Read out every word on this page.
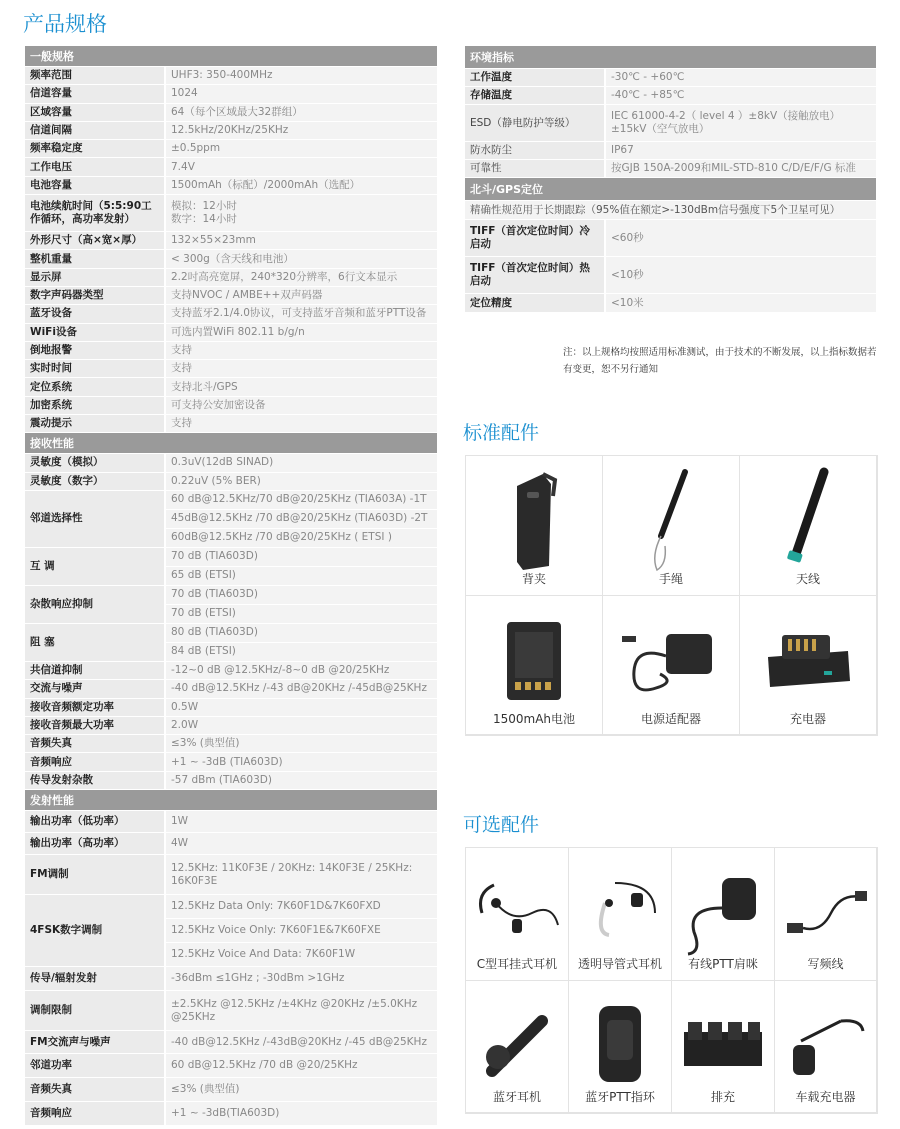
产品规格
一般规格	
频率范围	UHF3: 350-400MHz

信道容量	1024

区域容量	64（每个区域最大32群组）

信道间隔	12.5kHz/20KHz/25KHz

频率稳定度	±0.5ppm

工作电压	7.4V

电池容量	1500mAh（标配）/2000mAh（选配）

电池续航时间（5:5:90工作循环，高功率发射）	模拟：12小时
数字：14小时

外形尺寸（高×宽×厚）	132×55×23mm

整机重量	< 300g（含天线和电池）

显示屏	2.2吋高亮宽屏，240*320分辨率，6行文本显示

数字声码器类型	支持NVOC / AMBE++双声码器

蓝牙设备	支持蓝牙2.1/4.0协议，可支持蓝牙音频和蓝牙PTT设备

WiFi设备	可选内置WiFi 802.11 b/g/n

倒地报警	支持

实时时间	支持

定位系统	支持北斗/GPS

加密系统	可支持公安加密设备

震动提示	支持

接收性能	
灵敏度（模拟）	0.3uV(12dB SINAD)

灵敏度（数字）	0.22uV (5% BER)

邻道选择性	60 dB@12.5KHz/70 dB@20/25KHz (TIA603A) -1T
	45dB@12.5KHz /70 dB@20/25KHz (TIA603D) -2T
	60dB@12.5KHz /70 dB@20/25KHz ( ETSI )
互 调	70 dB (TIA603D)
	65 dB (ETSI)
杂散响应抑制	70 dB (TIA603D)
	70 dB (ETSI)
阻 塞	80 dB (TIA603D)
	84 dB (ETSI)
共信道抑制	-12~0 dB @12.5KHz/-8~0 dB @20/25KHz

交流与噪声	-40 dB@12.5KHz /-43 dB@20KHz /-45dB@25KHz

接收音频额定功率	0.5W

接收音频最大功率	2.0W

音频失真	≤3% (典型值)

音频响应	+1 ~ -3dB (TIA603D)

传导发射杂散	-57 dBm (TIA603D)

发射性能	
输出功率（低功率）	1W

输出功率（高功率）	4W

FM调制	12.5KHz: 11K0F3E / 20KHz: 14K0F3E / 25KHz: 16K0F3E

4FSK数字调制	12.5KHz Data Only: 7K60F1D&7K60FXD
	12.5KHz Voice Only: 7K60F1E&7K60FXE
	12.5KHz Voice And Data: 7K60F1W
传导/辐射发射	-36dBm ≤1GHz ; -30dBm >1GHz

调制限制	±2.5KHz @12.5KHz /±4KHz @20KHz /±5.0KHz @25KHz

FM交流声与噪声	-40 dB@12.5KHz /-43dB@20KHz /-45 dB@25KHz

邻道功率	60 dB@12.5KHz /70 dB @20/25KHz

音频失真	≤3% (典型值)

音频响应	+1 ~ -3dB(TIA603D)
环境指标	
工作温度	-30℃ - +60℃

存储温度	-40℃ - +85℃

ESD（静电防护等级）	IEC 61000-4-2（ level 4 ）±8kV（接触放电）
±15kV（空气放电）

防水防尘	IP67

可靠性	按GJB 150A-2009和MIL-STD-810 C/D/E/F/G 标准

北斗/GPS定位	
精确性规范用于长期跟踪（95%值在额定>-130dBm信号强度下5个卫星可见）	
TIFF（首次定位时间）冷启动	<60秒

TIFF（首次定位时间）热启动	<10秒

定位精度	<10米
注：以上规格均按照适用标准测试，由于技术的不断发展，以上指标数据若有变更，恕不另行通知
标准配件
背夹	手绳	天线
1500mAh电池	电源适配器	充电器
可选配件
C型耳挂式耳机	透明导管式耳机	有线PTT肩咪	写频线
蓝牙耳机	蓝牙PTT指环	排充	车载充电器
